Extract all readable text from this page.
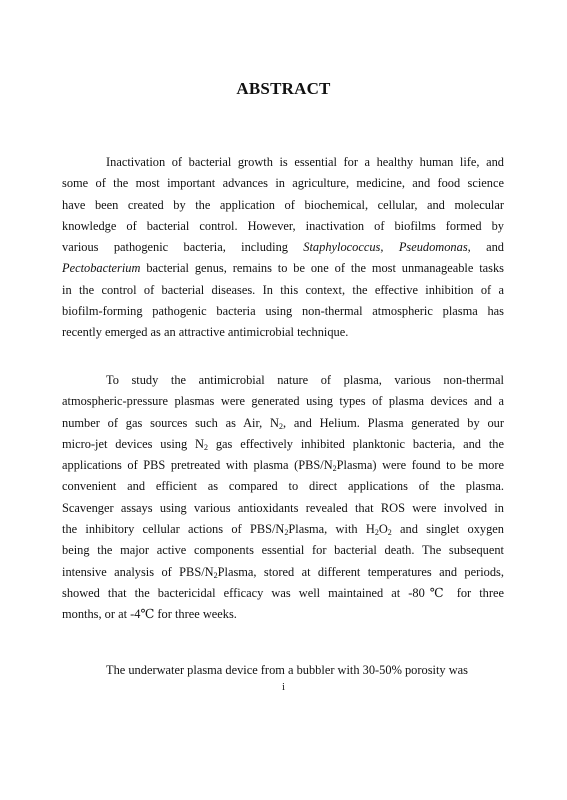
ABSTRACT

Inactivation of bacterial growth is essential for a healthy human life, and
some of the most important advances in agriculture, medicine, and food science
have been created by the application of biochemical, cellular, and molecular
knowledge of bacterial control. However, inactivation of biofilms formed by
various pathogenic bacteria, including Staphylococcus, Pseudomonas, and
Pectobacterium bacterial genus, remains to be one of the most unmanageable tasks
in the control of bacterial diseases. In this context, the effective inhibition of a
biofilm-forming pathogenic bacteria using non-thermal atmospheric plasma has
recently emerged as an attractive antimicrobial technique.

To study the antimicrobial nature of plasma, various non-thermal
atmospheric-pressure plasmas were generated using types of plasma devices and a
number of gas sources such as Air, $N_2$, and Helium. Plasma generated by our
micro-jet devices using $N_2$ gas effectively inhibited planktonic bacteria, and the
applications of PBS pretreated with plasma $(PBS/N_2Plasma)$ were found to be more
convenient and efficient as compared to direct applications of the plasma.
Scavenger assays using various antioxidants revealed that ROS were involved in
the inhibitory cellular actions of PBS/$N_2Plasma$, with $H_2O_2$ and singlet oxygen
being the major active components essential for bacterial death. The subsequent
intensive analysis of PBS/$N_2Plasma$, stored at different temperatures and periods,
showed that the bactericidal efficacy was well maintained at -80℃ for three
months, or at -4℃ for three weeks.

The underwater plasma device from a bubbler with 30-50% porosity was

i
